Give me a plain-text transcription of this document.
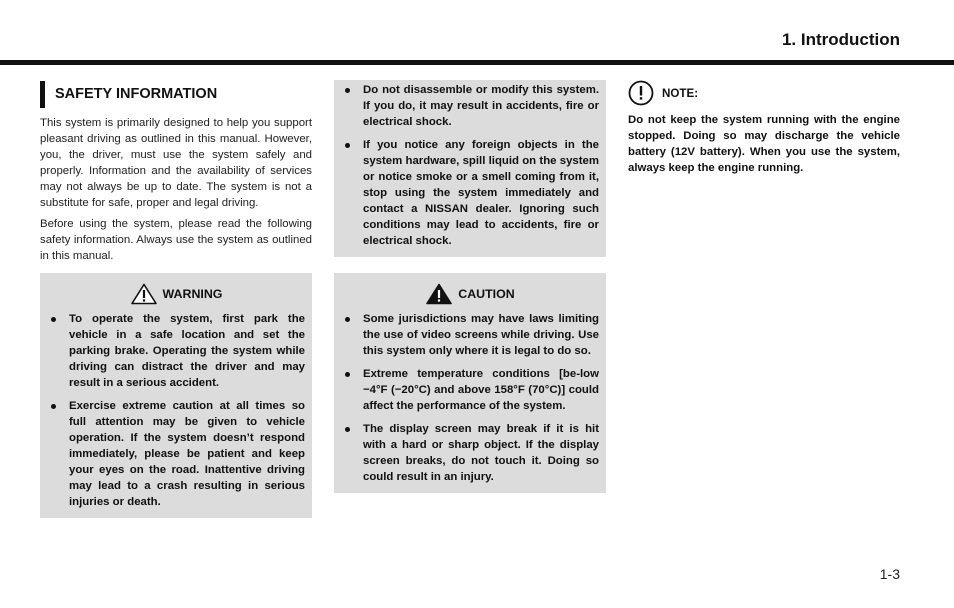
1. Introduction
SAFETY INFORMATION

This system is primarily designed to help you support pleasant driving as outlined in this manual. However, you, the driver, must use the system safely and properly. Information and the availability of services may not always be up to date. The system is not a substitute for safe, proper and legal driving.

Before using the system, please read the following safety information. Always use the system as outlined in this manual.

WARNING
To operate the system, first park the vehicle in a safe location and set the parking brake. Operating the system while driving can distract the driver and may result in a serious accident.
Exercise extreme caution at all times so full attention may be given to vehicle operation. If the system doesn’t respond immediately, please be patient and keep your eyes on the road. Inattentive driving may lead to a crash resulting in serious injuries or death.
Do not disassemble or modify this system. If you do, it may result in accidents, fire or electrical shock.
If you notice any foreign objects in the system hardware, spill liquid on the system or notice smoke or a smell coming from it, stop using the system immediately and contact a NISSAN dealer. Ignoring such conditions may lead to accidents, fire or electrical shock.
CAUTION
Some jurisdictions may have laws limiting the use of video screens while driving. Use this system only where it is legal to do so.
Extreme temperature conditions [be-low −4°F (−20°C) and above 158°F (70°C)] could affect the performance of the system.
The display screen may break if it is hit with a hard or sharp object. If the display screen breaks, do not touch it. Doing so could result in an injury.
NOTE:

Do not keep the system running with the engine stopped. Doing so may discharge the vehicle battery (12V battery). When you use the system, always keep the engine running.

1-3
